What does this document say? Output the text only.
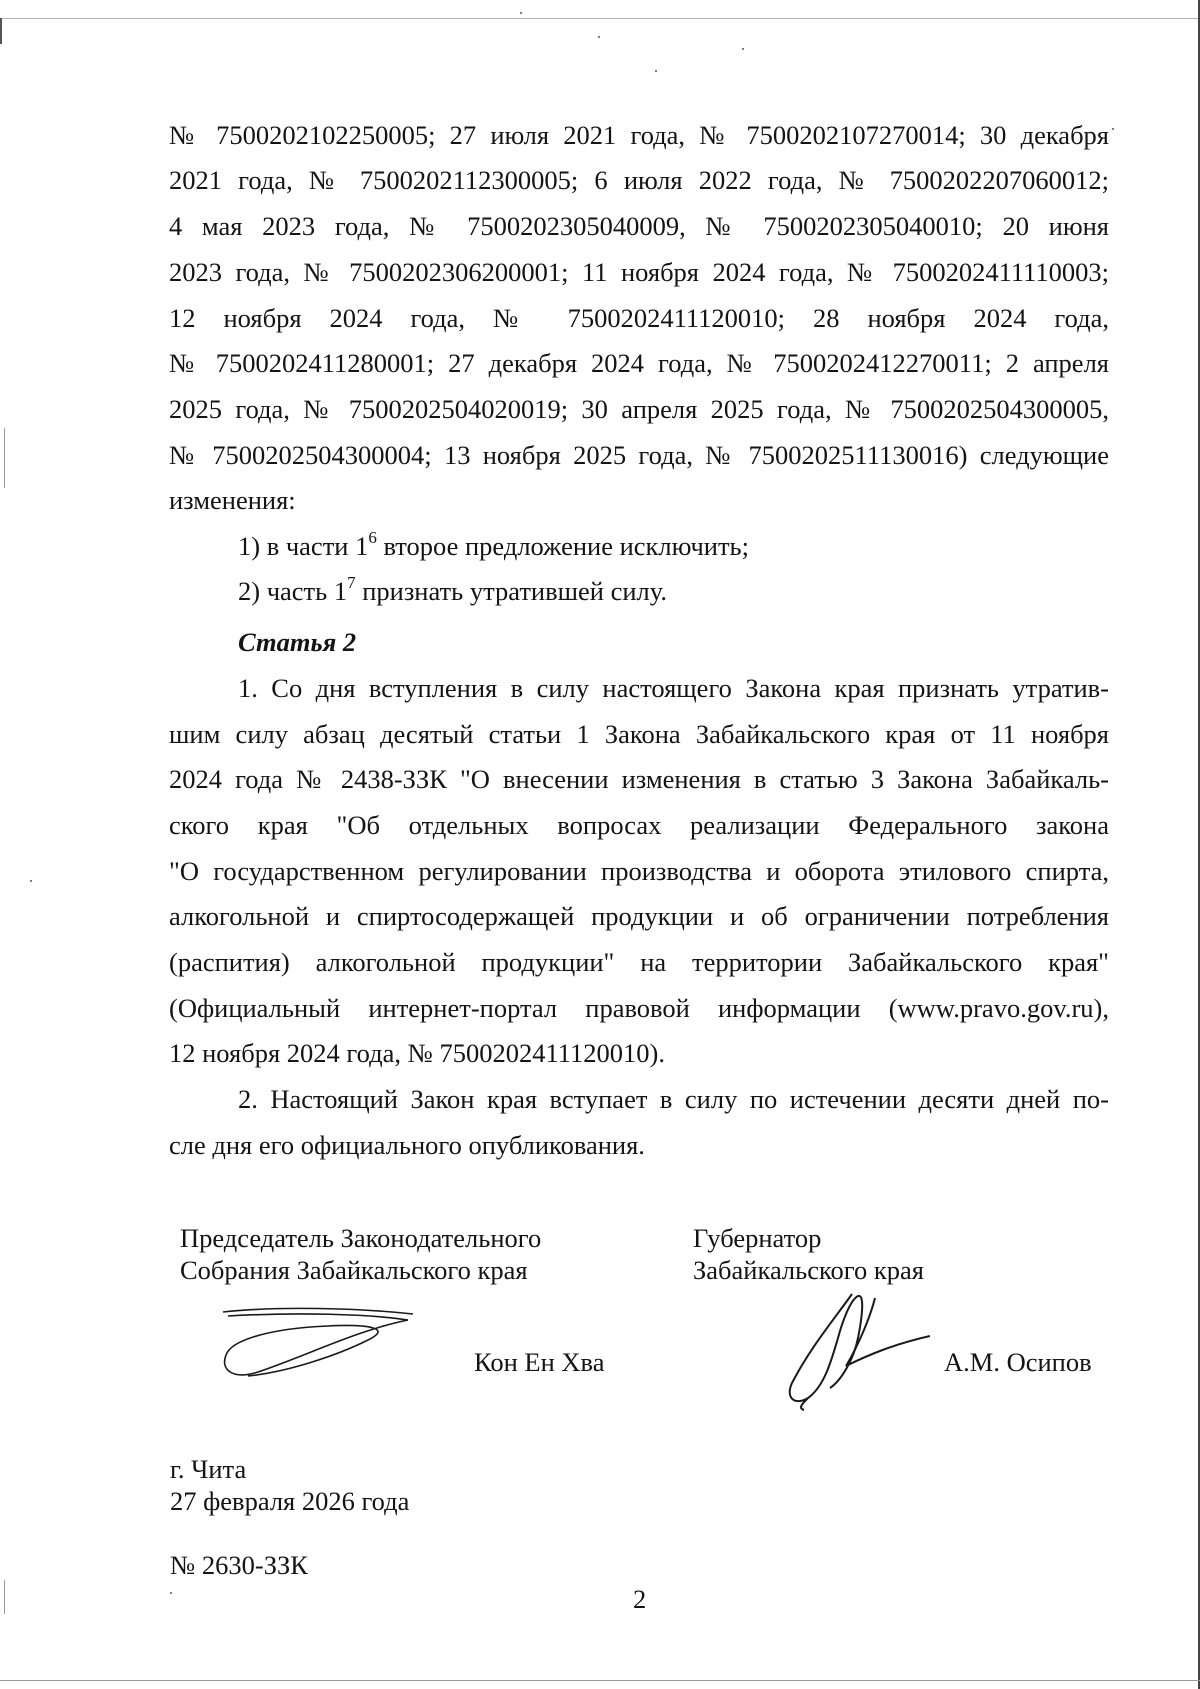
№ 7500202102250005; 27 июля 2021 года, № 7500202107270014; 30 декабря
2021 года, № 7500202112300005; 6 июля 2022 года, № 7500202207060012;
4 мая 2023 года, № 7500202305040009, № 7500202305040010; 20 июня
2023 года, № 7500202306200001; 11 ноября 2024 года, № 7500202411110003;
12 ноября 2024 года, № 7500202411120010; 28 ноября 2024 года,
№ 7500202411280001; 27 декабря 2024 года, № 7500202412270011; 2 апреля
2025 года, № 7500202504020019; 30 апреля 2025 года, № 7500202504300005,
№ 7500202504300004; 13 ноября 2025 года, № 7500202511130016) следующие
изменения:
1) в части $1^6$ второе предложение исключить;
2) часть $1^7$ признать утратившей силу.
Статья 2
1. Со дня вступления в силу настоящего Закона края признать утратив-
шим силу абзац десятый статьи 1 Закона Забайкальского края от 11 ноября
2024 года № 2438-ЗЗК "О внесении изменения в статью 3 Закона Забайкаль-
ского края "Об отдельных вопросах реализации Федерального закона
"О государственном регулировании производства и оборота этилового спирта,
алкогольной и спиртосодержащей продукции и об ограничении потребления
(распития) алкогольной продукции" на территории Забайкальского края"
(Официальный интернет-портал правовой информации (www.pravo.gov.ru),
12 ноября 2024 года, № 7500202411120010).
2. Настоящий Закон края вступает в силу по истечении десяти дней по-
сле дня его официального опубликования.
Председатель Законодательного
Собрания Забайкальского края
Губернатор
Забайкальского края
Кон Ен Хва	А.М. Осипов
г. Чита
27 февраля 2026 года
№ 2630-ЗЗК
2
